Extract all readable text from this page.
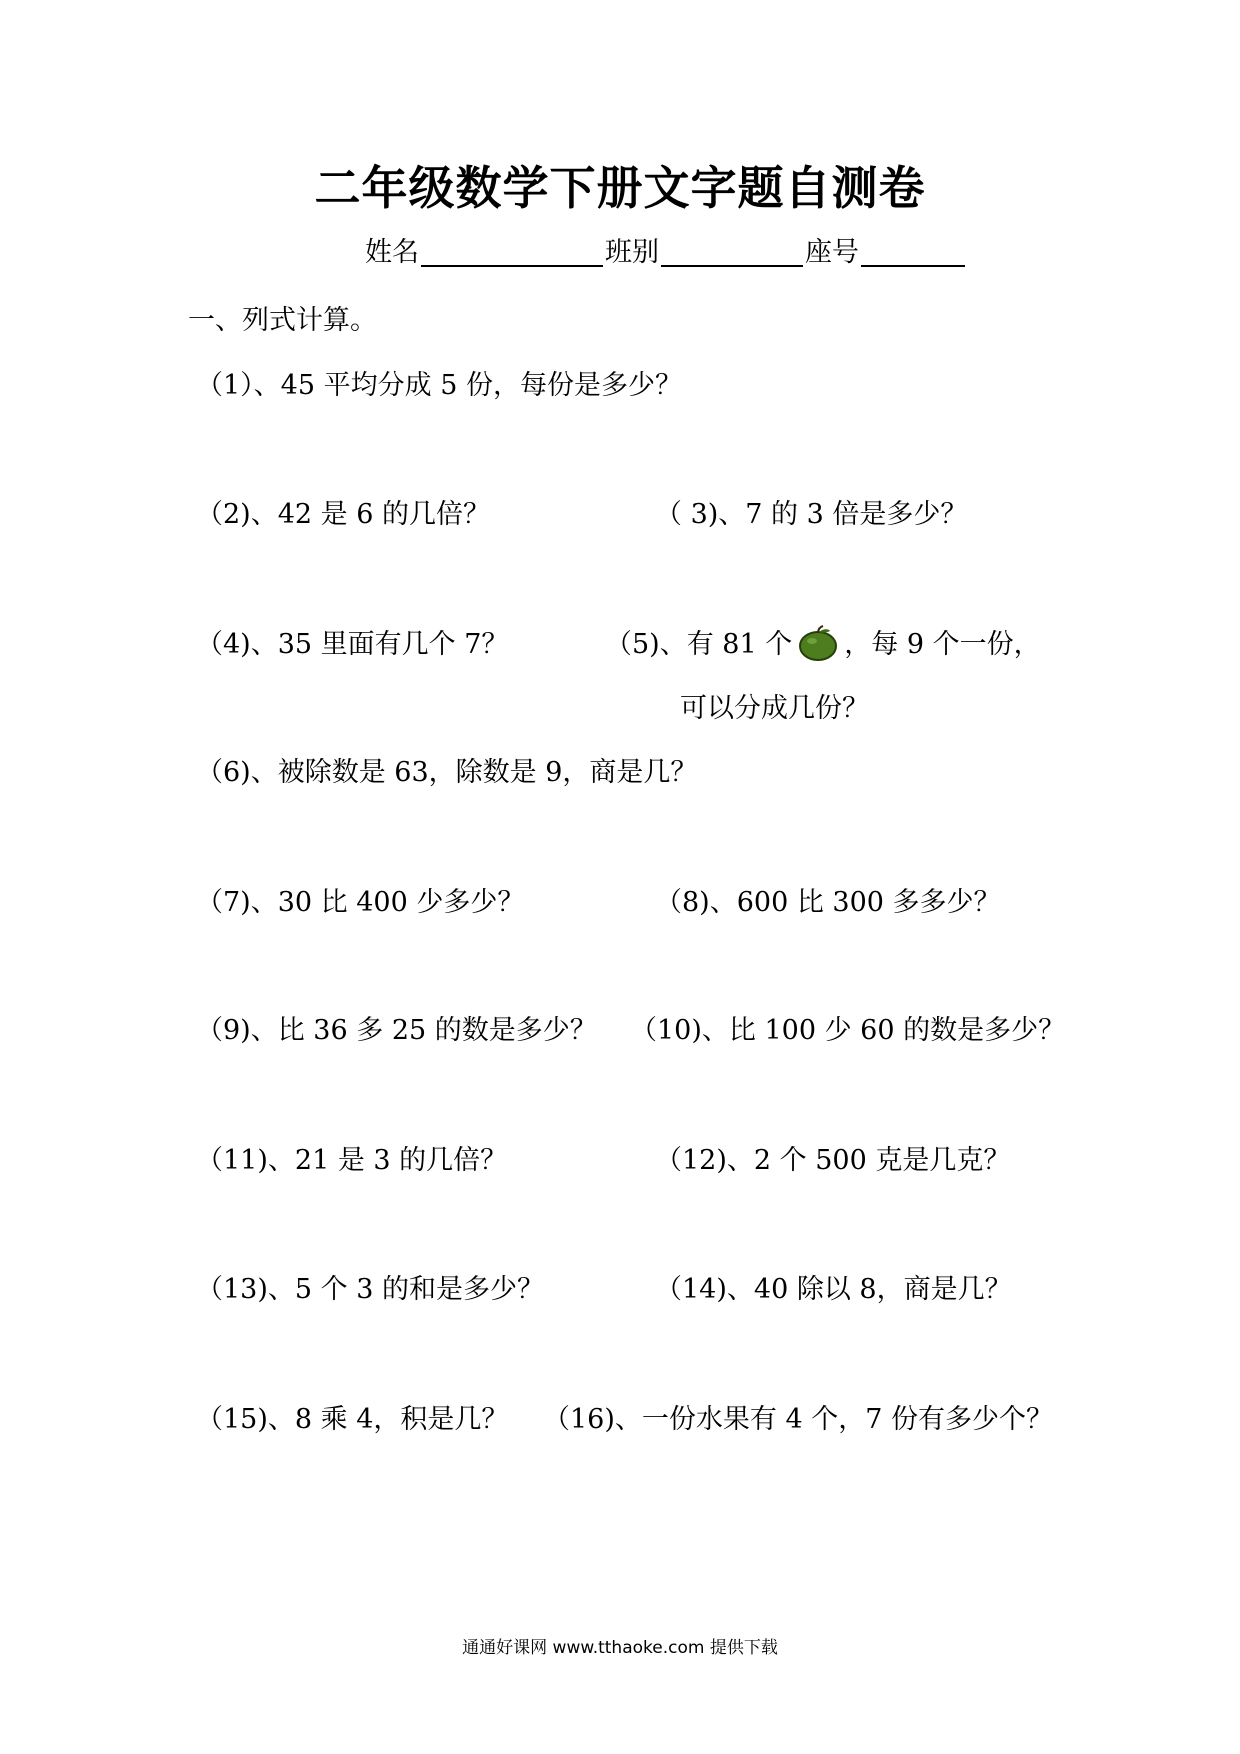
二年级数学下册文字题自测卷
姓名	班别	座号
一、列式计算。
（1）、45 平均分成 5 份，每份是多少？
（2)、42 是 6 的几倍？	（ 3)、7 的 3 倍是多少？
（4)、35 里面有几个 7？	（5)、有 81 个 ，每 9 个一份，
可以分成几份？
（6)、被除数是 63，除数是 9，商是几？
（7)、30 比 400 少多少？	（8)、600 比 300 多多少？
（9)、比 36 多 25 的数是多少？ （10)、比 100 少 60 的数是多少？
（11)、21 是 3 的几倍？	（12)、2 个 500 克是几克？
（13)、5 个 3 的和是多少？	（14)、40 除以 8，商是几？
（15)、8 乘 4，积是几？ （16)、一份水果有 4 个，7 份有多少个？
通通好课网 www.tthaoke.com 提供下载
